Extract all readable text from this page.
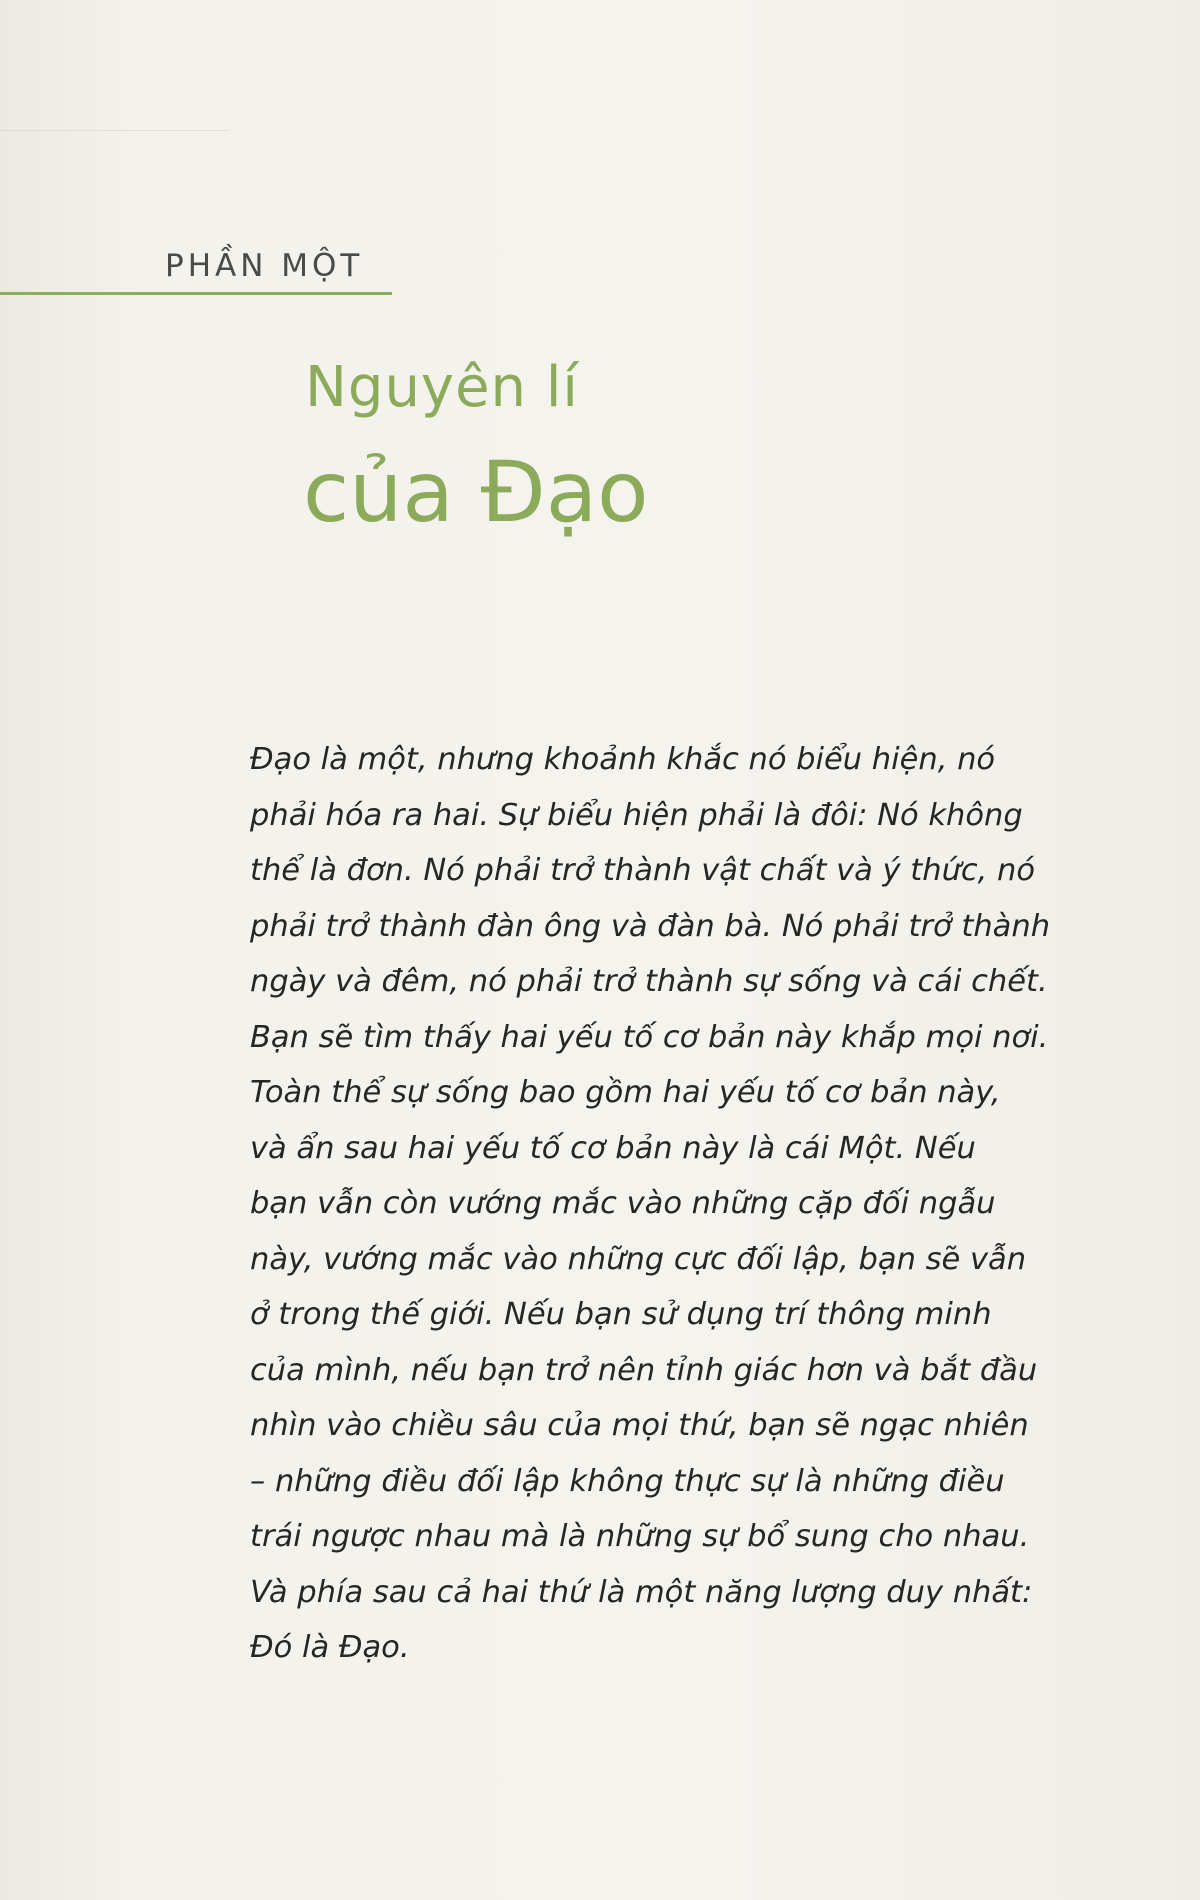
PHẦN MỘT
Nguyên lí
của Đạo
Đạo là một, nhưng khoảnh khắc nó biểu hiện, nó
phải hóa ra hai. Sự biểu hiện phải là đôi: Nó không
thể là đơn. Nó phải trở thành vật chất và ý thức, nó
phải trở thành đàn ông và đàn bà. Nó phải trở thành
ngày và đêm, nó phải trở thành sự sống và cái chết.
Bạn sẽ tìm thấy hai yếu tố cơ bản này khắp mọi nơi.
Toàn thể sự sống bao gồm hai yếu tố cơ bản này,
và ẩn sau hai yếu tố cơ bản này là cái Một. Nếu
bạn vẫn còn vướng mắc vào những cặp đối ngẫu
này, vướng mắc vào những cực đối lập, bạn sẽ vẫn
ở trong thế giới. Nếu bạn sử dụng trí thông minh
của mình, nếu bạn trở nên tỉnh giác hơn và bắt đầu
nhìn vào chiều sâu của mọi thứ, bạn sẽ ngạc nhiên
– những điều đối lập không thực sự là những điều
trái ngược nhau mà là những sự bổ sung cho nhau.
Và phía sau cả hai thứ là một năng lượng duy nhất:
Đó là Đạo.
